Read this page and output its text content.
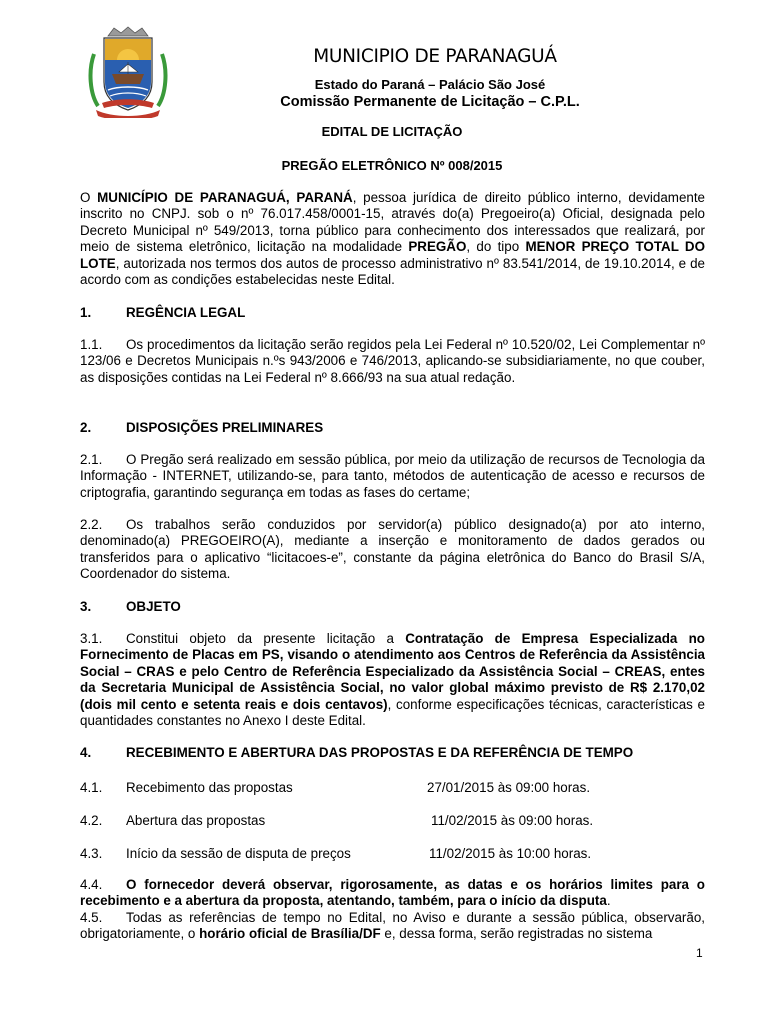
MUNICIPIO DE PARANAGUÁ
Estado do Paraná – Palácio São José
Comissão Permanente de Licitação – C.P.L.
EDITAL DE LICITAÇÃO
PREGÃO ELETRÔNICO Nº 008/2015
O MUNICÍPIO DE PARANAGUÁ, PARANÁ, pessoa jurídica de direito público interno, devidamente inscrito no CNPJ. sob o nº 76.017.458/0001-15, através do(a) Pregoeiro(a) Oficial, designada pelo Decreto Municipal nº 549/2013, torna público para conhecimento dos interessados que realizará, por meio de sistema eletrônico, licitação na modalidade PREGÃO, do tipo MENOR PREÇO TOTAL DO LOTE, autorizada nos termos dos autos de processo administrativo nº 83.541/2014, de 19.10.2014, e de acordo com as condições estabelecidas neste Edital.
1.	REGÊNCIA LEGAL
1.1. Os procedimentos da licitação serão regidos pela Lei Federal nº 10.520/02, Lei Complementar nº 123/06 e Decretos Municipais n.ºs 943/2006 e 746/2013, aplicando-se subsidiariamente, no que couber, as disposições contidas na Lei Federal nº 8.666/93 na sua atual redação.
2.	DISPOSIÇÕES PRELIMINARES
2.1. O Pregão será realizado em sessão pública, por meio da utilização de recursos de Tecnologia da Informação - INTERNET, utilizando-se, para tanto, métodos de autenticação de acesso e recursos de criptografia, garantindo segurança em todas as fases do certame;
2.2. Os trabalhos serão conduzidos por servidor(a) público designado(a) por ato interno, denominado(a) PREGOEIRO(A), mediante a inserção e monitoramento de dados gerados ou transferidos para o aplicativo “licitacoes-e”, constante da página eletrônica do Banco do Brasil S/A, Coordenador do sistema.
3.	OBJETO
3.1. Constitui objeto da presente licitação a Contratação de Empresa Especializada no Fornecimento de Placas em PS, visando o atendimento aos Centros de Referência da Assistência Social – CRAS e pelo Centro de Referência Especializado da Assistência Social – CREAS, entes da Secretaria Municipal de Assistência Social, no valor global máximo previsto de R$ 2.170,02 (dois mil cento e setenta reais e dois centavos), conforme especificações técnicas, características e quantidades constantes no Anexo I deste Edital.
4.	RECEBIMENTO E ABERTURA DAS PROPOSTAS E DA REFERÊNCIA DE TEMPO
4.1. Recebimento das propostas	27/01/2015 às 09:00 horas.
4.2. Abertura das propostas	11/02/2015 às 09:00 horas.
4.3. Início da sessão de disputa de preços	11/02/2015 às 10:00 horas.
4.4. O fornecedor deverá observar, rigorosamente, as datas e os horários limites para o recebimento e a abertura da proposta, atentando, também, para o início da disputa.
4.5. Todas as referências de tempo no Edital, no Aviso e durante a sessão pública, observarão, obrigatoriamente, o horário oficial de Brasília/DF e, dessa forma, serão registradas no sistema
1
